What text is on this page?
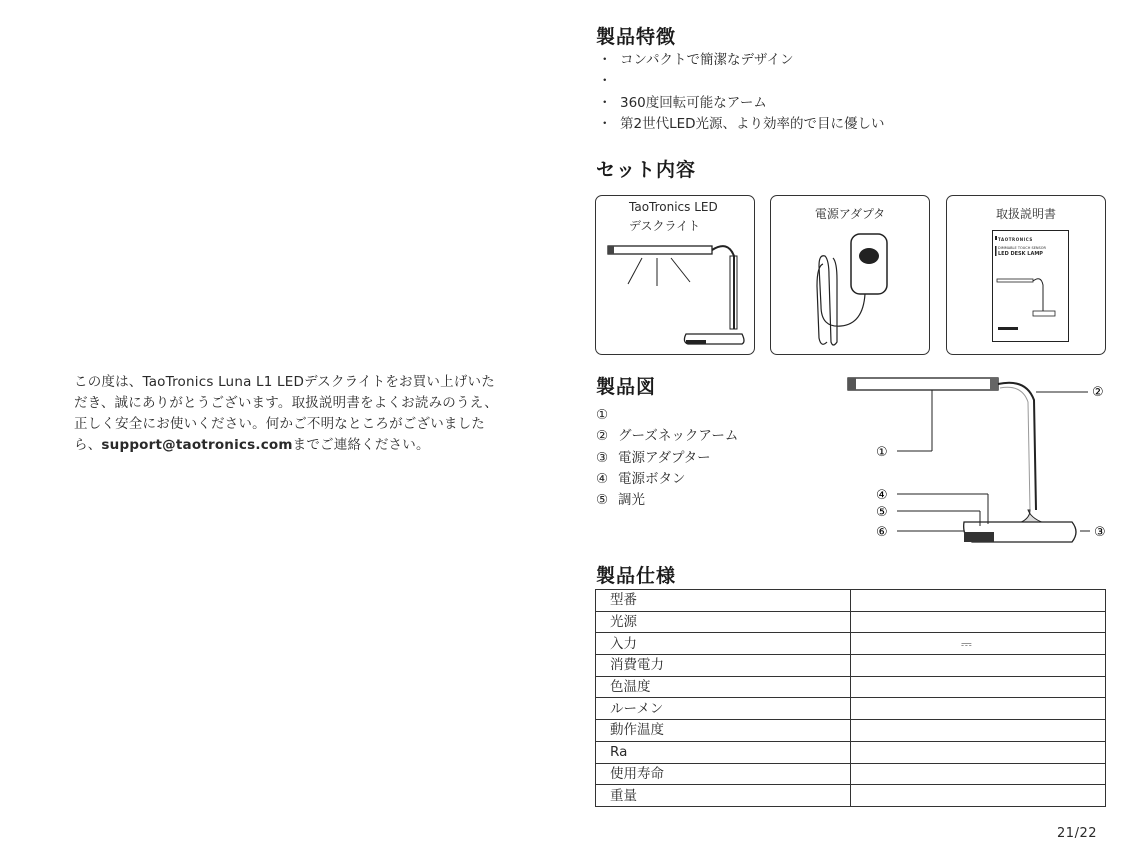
この度は、TaoTronics Luna L1 LEDデスクライトをお買い上げいただき、誠にありがとうございます。取扱説明書をよくお読みのうえ、正しく安全にお使いください。何かご不明なところがございましたら、support@taotronics.comまでご連絡ください。
製品特徴
・ コンパクトで簡潔なデザイン
・
・ 360度回転可能なアーム
・ 第2世代LED光源、より効率的で目に優しい
セット内容
TaoTronics LED
デスクライト
電源アダプタ	取扱説明書
TAOTRONICS
DIMMABLE TOUCH SENSOR
LED DESK LAMP
製品図
①
② グーズネックアーム
③ 電源アダプター
④ 電源ボタン
⑤ 調光
①
②
③
④
⑤
⑥
製品仕様
型番	
光源	
入力	⎓
消費電力	
色温度	
ルーメン	
動作温度	
Ra	
使用寿命	
重量	
21/22
